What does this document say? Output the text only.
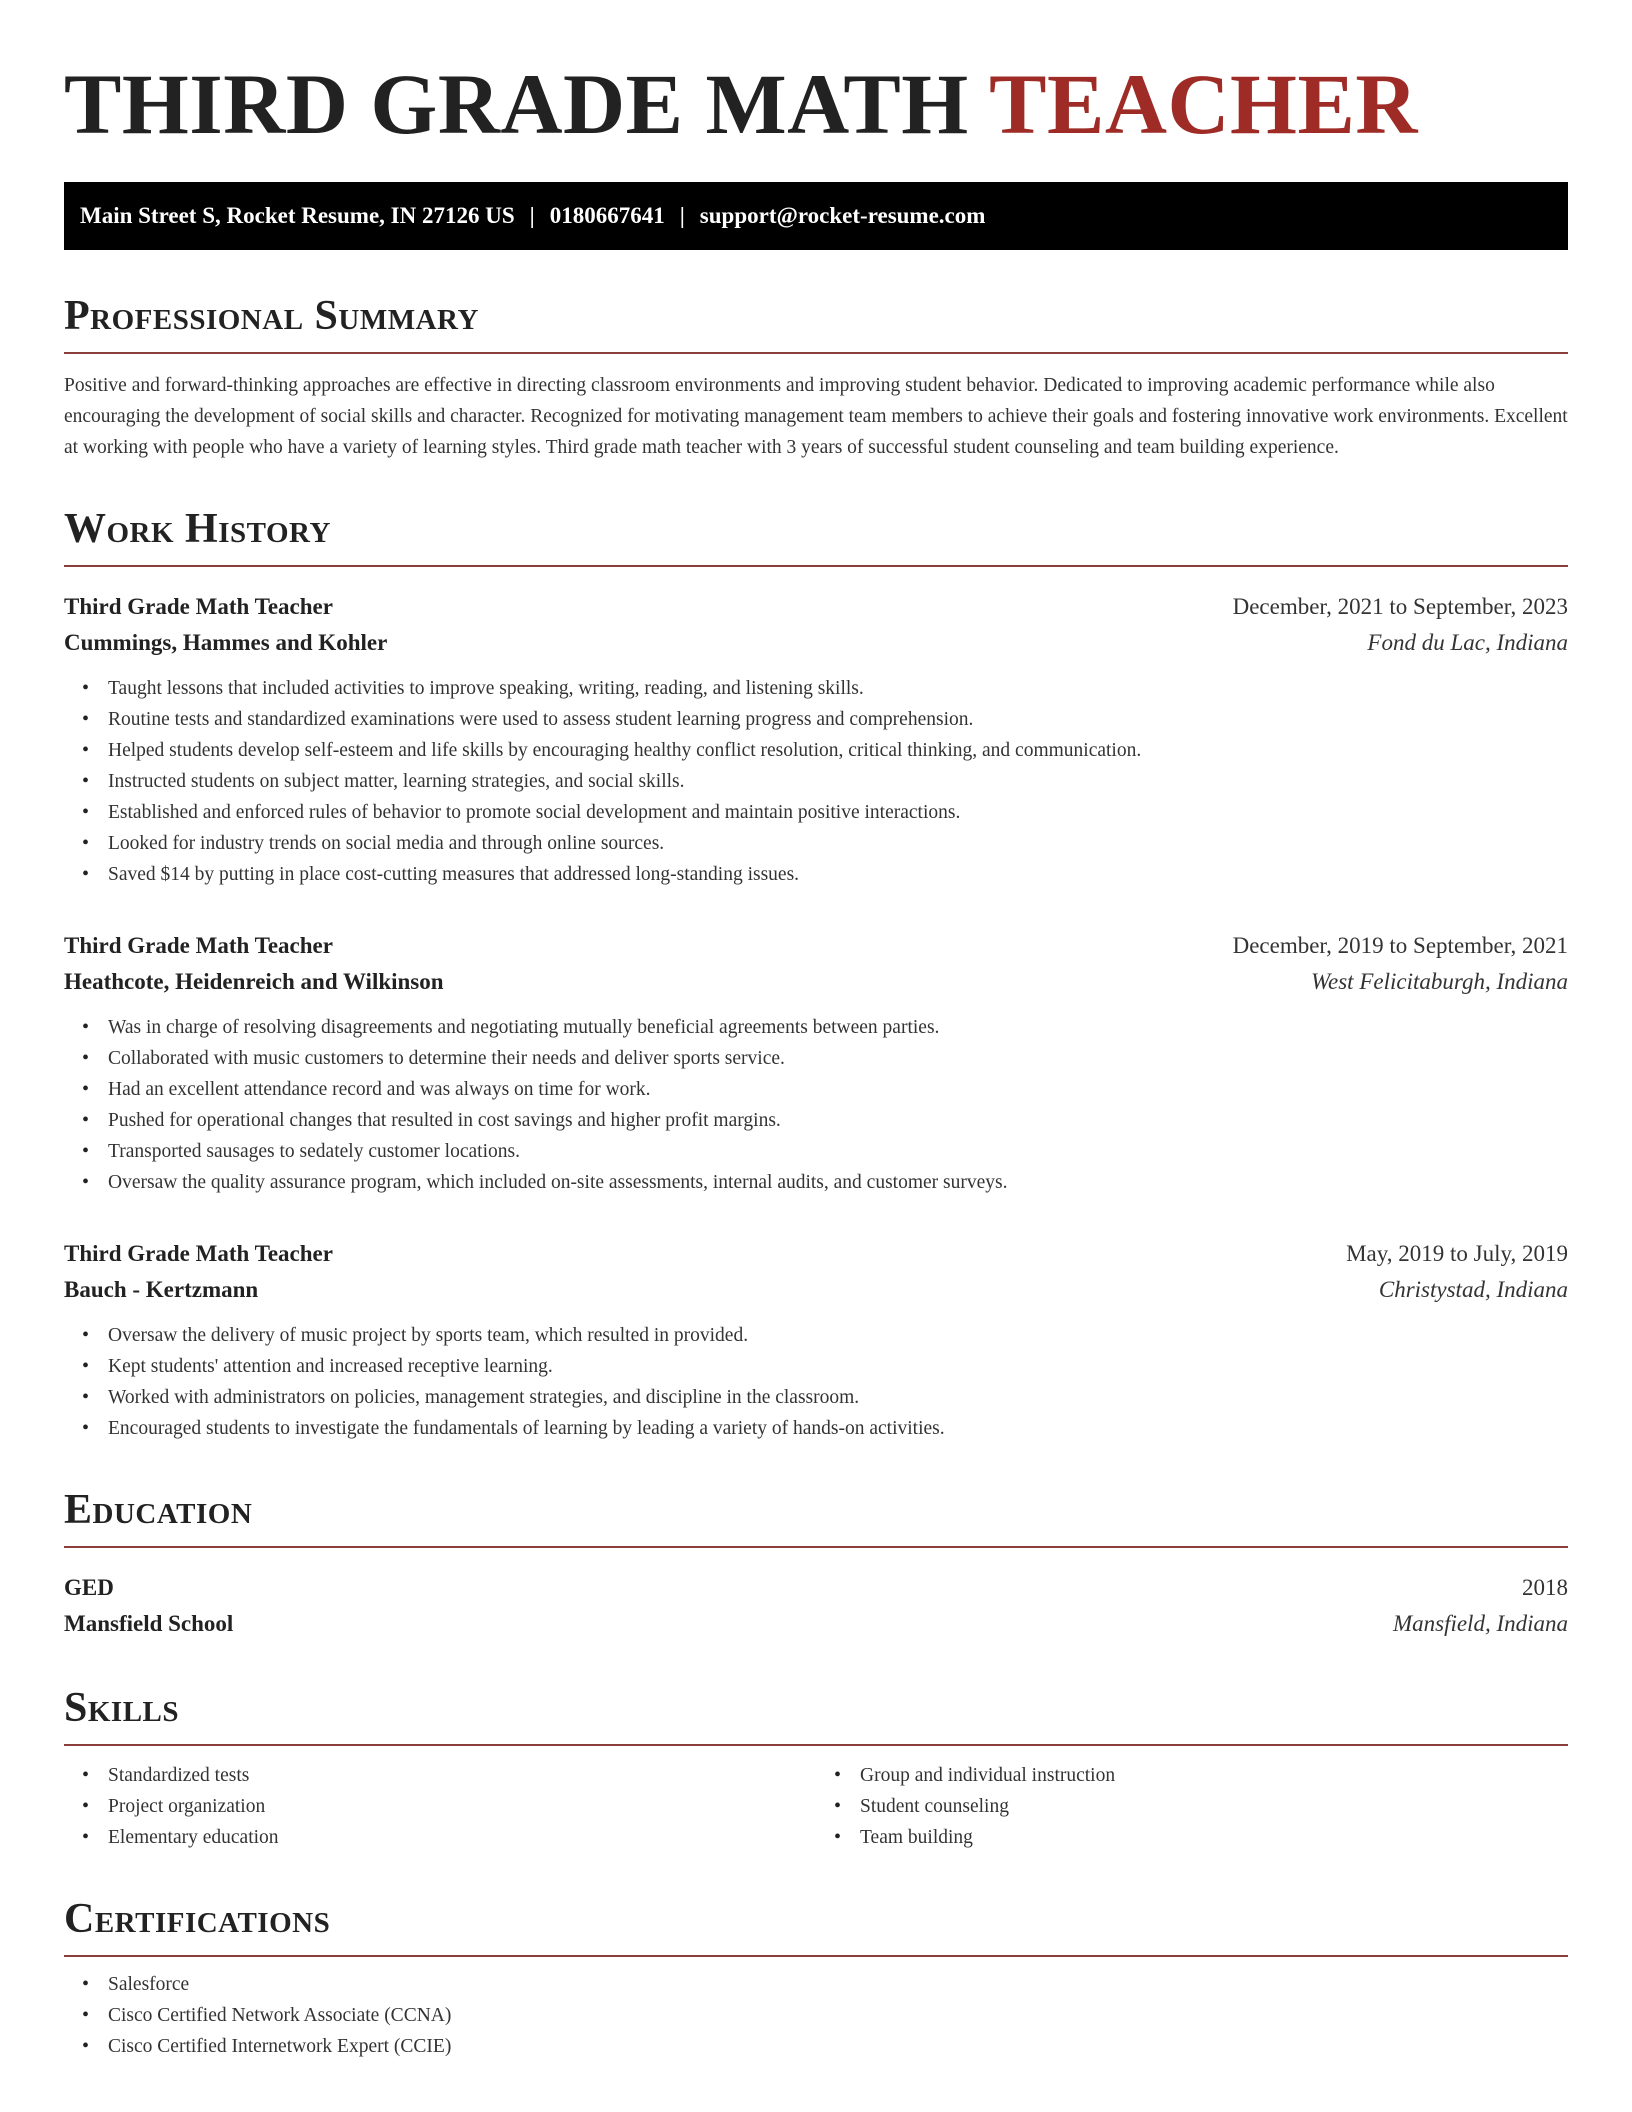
THIRD GRADE MATH TEACHER
Main Street S, Rocket Resume, IN 27126 US | 0180667641 | support@rocket-resume.com
Professional Summary

Positive and forward-thinking approaches are effective in directing classroom environments and improving student behavior. Dedicated to improving academic performance while also encouraging the development of social skills and character. Recognized for motivating management team members to achieve their goals and fostering innovative work environments. Excellent at working with people who have a variety of learning styles. Third grade math teacher with 3 years of successful student counseling and team building experience.

Work History
Third Grade Math Teacher	December, 2021 to September, 2023
Cummings, Hammes and Kohler	Fond du Lac, Indiana
• Taught lessons that included activities to improve speaking, writing, reading, and listening skills.
• Routine tests and standardized examinations were used to assess student learning progress and comprehension.
• Helped students develop self-esteem and life skills by encouraging healthy conflict resolution, critical thinking, and communication.
• Instructed students on subject matter, learning strategies, and social skills.
• Established and enforced rules of behavior to promote social development and maintain positive interactions.
• Looked for industry trends on social media and through online sources.
• Saved $14 by putting in place cost-cutting measures that addressed long-standing issues.
Third Grade Math Teacher	December, 2019 to September, 2021
Heathcote, Heidenreich and Wilkinson	West Felicitaburgh, Indiana
• Was in charge of resolving disagreements and negotiating mutually beneficial agreements between parties.
• Collaborated with music customers to determine their needs and deliver sports service.
• Had an excellent attendance record and was always on time for work.
• Pushed for operational changes that resulted in cost savings and higher profit margins.
• Transported sausages to sedately customer locations.
• Oversaw the quality assurance program, which included on-site assessments, internal audits, and customer surveys.
Third Grade Math Teacher	May, 2019 to July, 2019
Bauch - Kertzmann	Christystad, Indiana
• Oversaw the delivery of music project by sports team, which resulted in provided.
• Kept students' attention and increased receptive learning.
• Worked with administrators on policies, management strategies, and discipline in the classroom.
• Encouraged students to investigate the fundamentals of learning by leading a variety of hands-on activities.
Education
GED	2018
Mansfield School	Mansfield, Indiana
Skills
• Standardized tests
• Project organization
• Elementary education
• Group and individual instruction
• Student counseling
• Team building
Certifications
• Salesforce
• Cisco Certified Network Associate (CCNA)
• Cisco Certified Internetwork Expert (CCIE)
